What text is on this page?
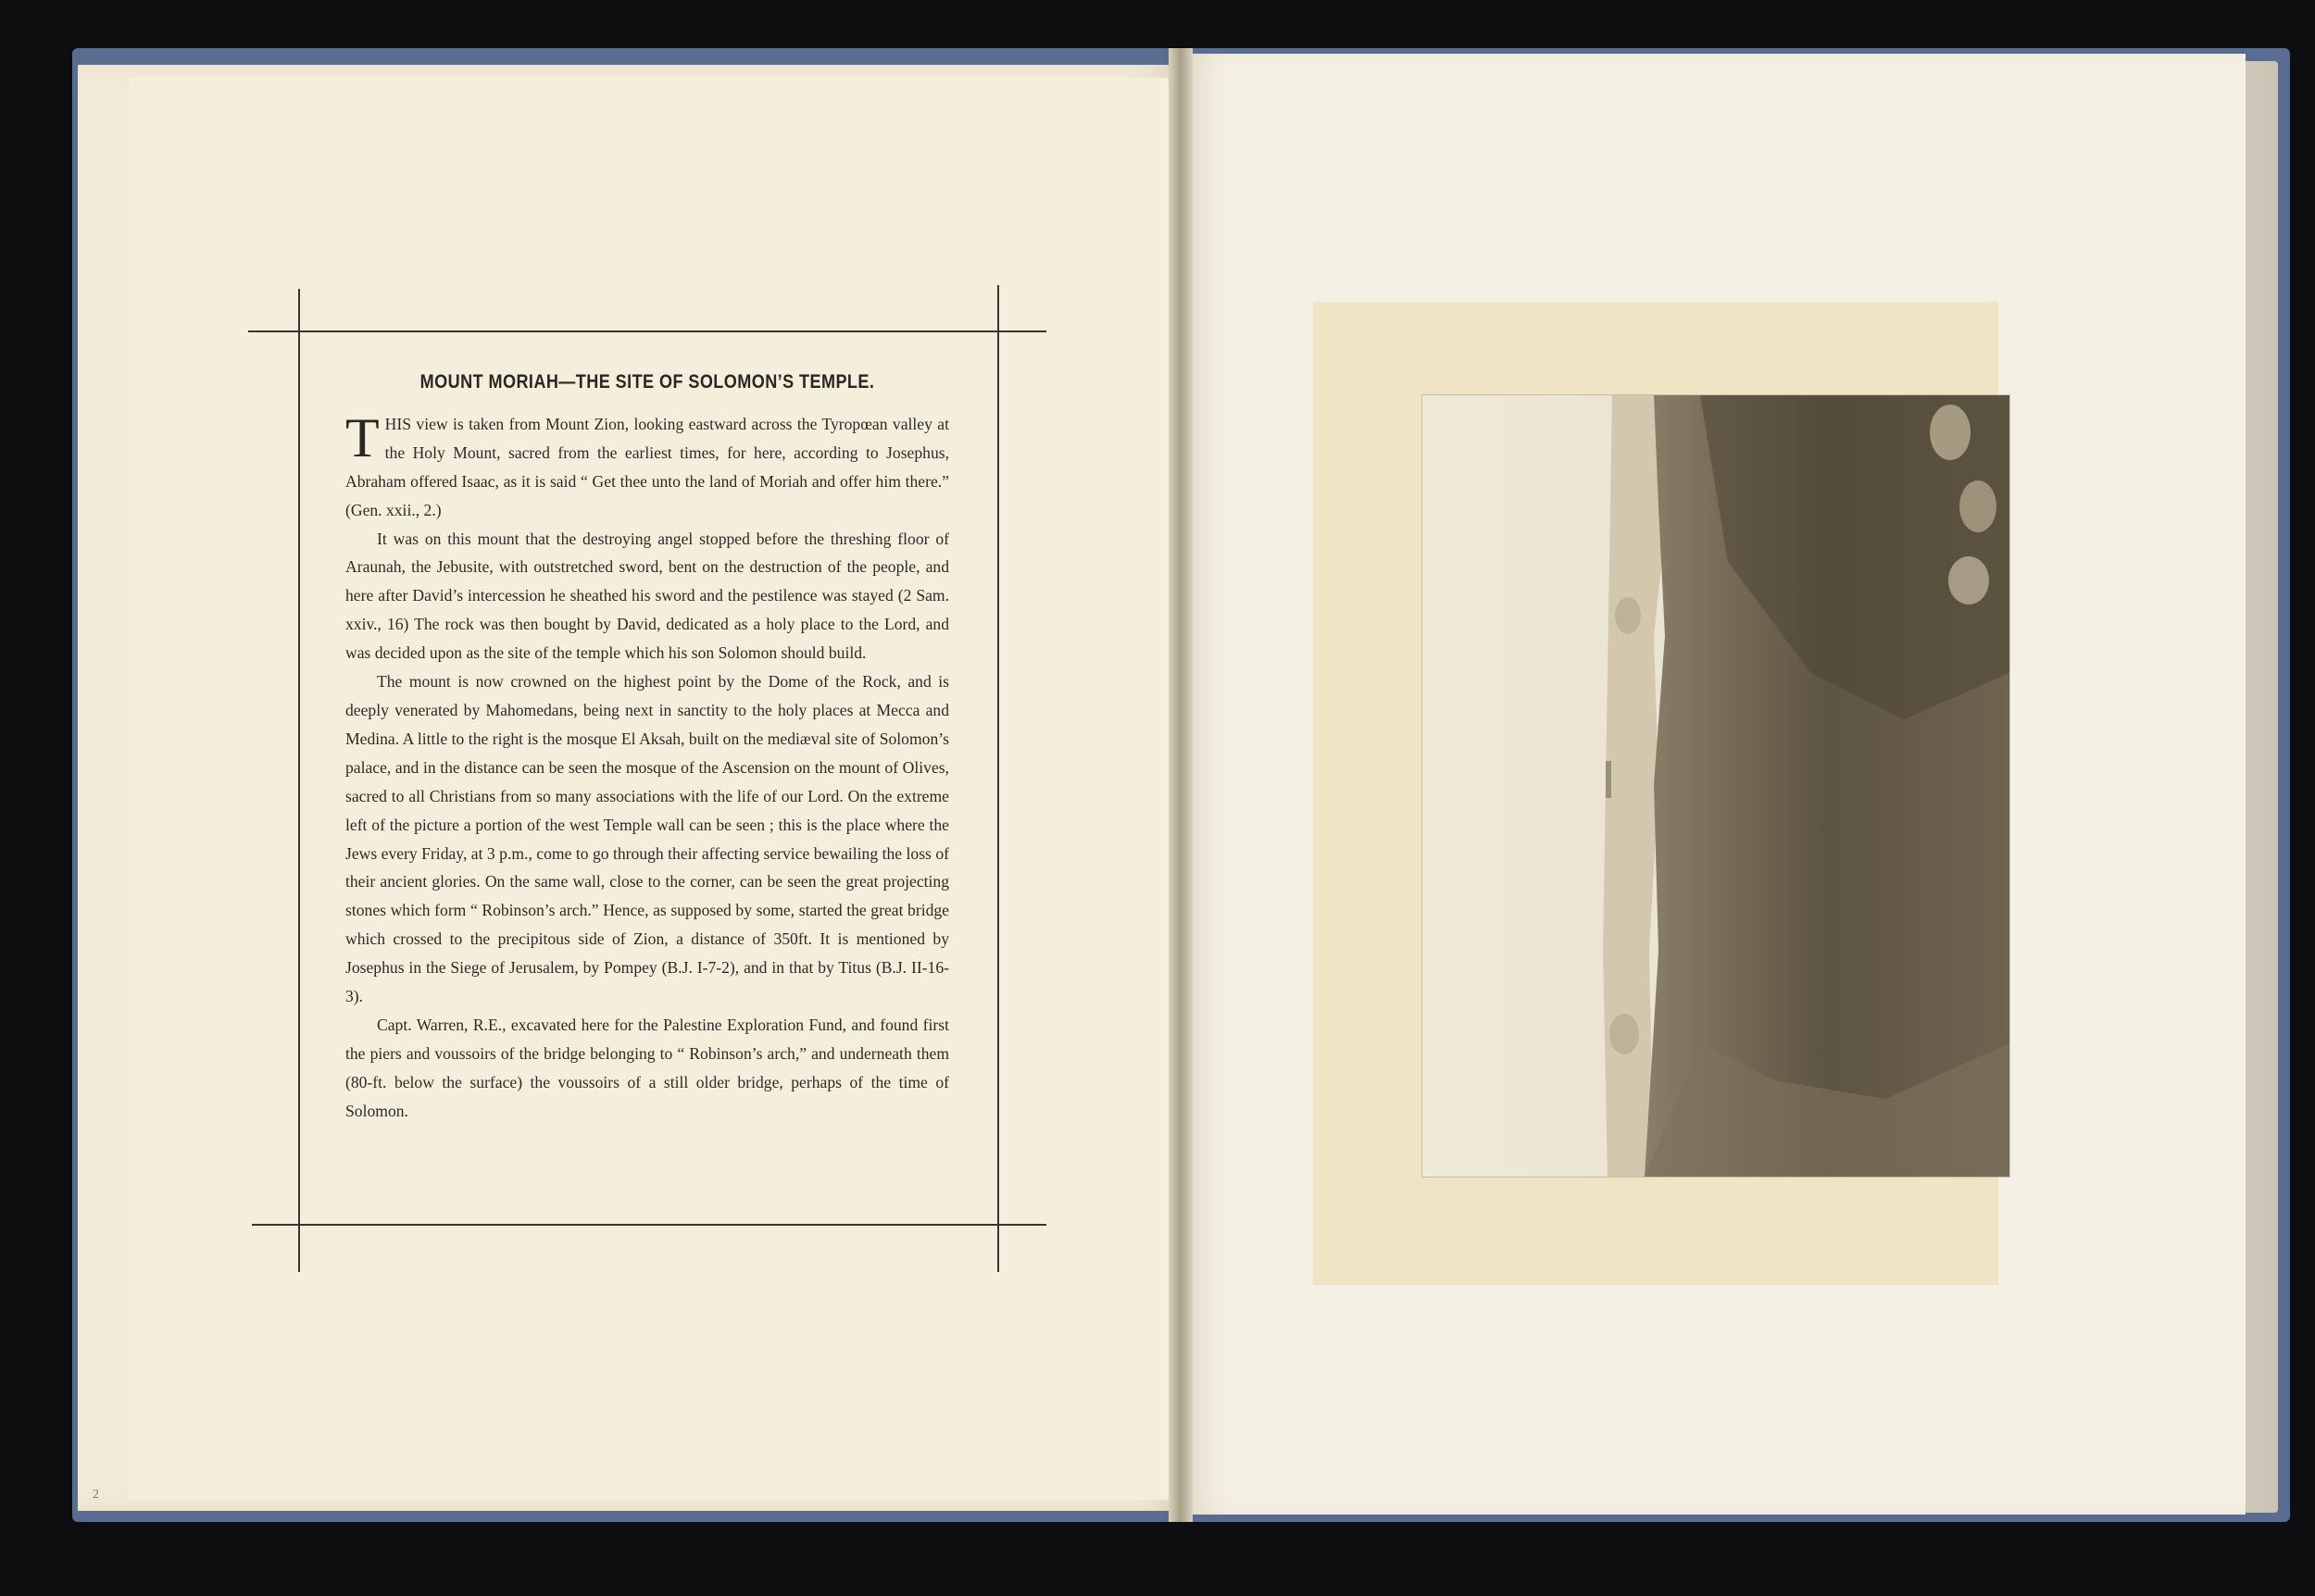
MOUNT MORIAH—THE SITE OF SOLOMON’S TEMPLE.

THIS view is taken from Mount Zion, looking eastward across the Tyropœan valley at the Holy Mount, sacred from the earliest times, for here, according to Josephus, Abraham offered Isaac, as it is said “ Get thee unto the land of Moriah and offer him there.” (Gen. xxii., 2.)

It was on this mount that the destroying angel stopped before the threshing floor of Araunah, the Jebusite, with outstretched sword, bent on the destruction of the people, and here after David’s intercession he sheathed his sword and the pestilence was stayed (2 Sam. xxiv., 16) The rock was then bought by David, dedicated as a holy place to the Lord, and was decided upon as the site of the temple which his son Solomon should build.

The mount is now crowned on the highest point by the Dome of the Rock, and is deeply venerated by Mahomedans, being next in sanctity to the holy places at Mecca and Medina. A little to the right is the mosque El Aksah, built on the mediæval site of Solomon’s palace, and in the distance can be seen the mosque of the Ascension on the mount of Olives, sacred to all Christians from so many associations with the life of our Lord. On the extreme left of the picture a portion of the west Temple wall can be seen ; this is the place where the Jews every Friday, at 3 p.m., come to go through their affecting service bewailing the loss of their ancient glories. On the same wall, close to the corner, can be seen the great projecting stones which form “ Robinson’s arch.” Hence, as supposed by some, started the great bridge which crossed to the precipitous side of Zion, a distance of 350ft. It is mentioned by Josephus in the Siege of Jerusalem, by Pompey (B.J. I-7-2), and in that by Titus (B.J. II-16-3).

Capt. Warren, R.E., excavated here for the Palestine Exploration Fund, and found first the piers and voussoirs of the bridge belonging to “ Robinson’s arch,” and underneath them (80-ft. below the surface) the voussoirs of a still older bridge, perhaps of the time of Solomon.

2
